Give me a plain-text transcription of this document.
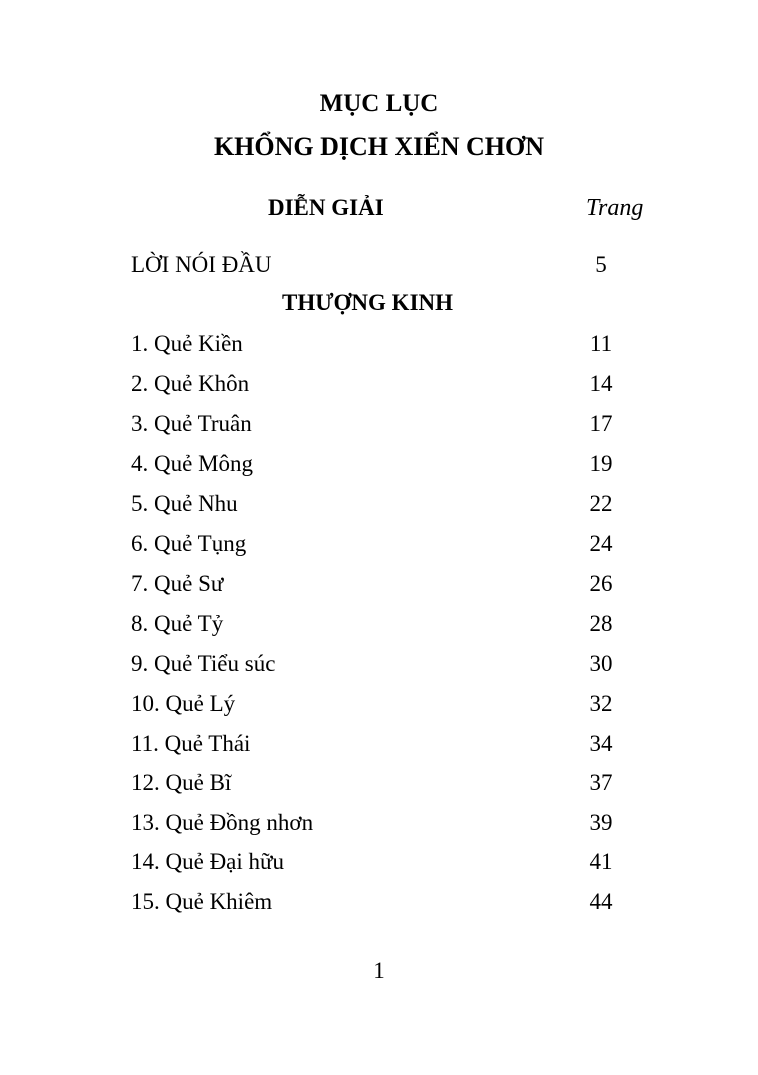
MỤC LỤC
KHỔNG DỊCH XIỂN CHƠN
DIỄN GIẢI	Trang
LỜI NÓI ĐẦU	5
THƯỢNG KINH
1. Quẻ Kiền	11
2. Quẻ Khôn	14
3. Quẻ Truân	17
4. Quẻ Mông	19
5. Quẻ Nhu	22
6. Quẻ Tụng	24
7. Quẻ Sư	26
8. Quẻ Tỷ	28
9. Quẻ Tiểu súc	30
10. Quẻ Lý	32
11. Quẻ Thái	34
12. Quẻ Bĩ	37
13. Quẻ Đồng nhơn	39
14. Quẻ Đại hữu	41
15. Quẻ Khiêm	44
1
